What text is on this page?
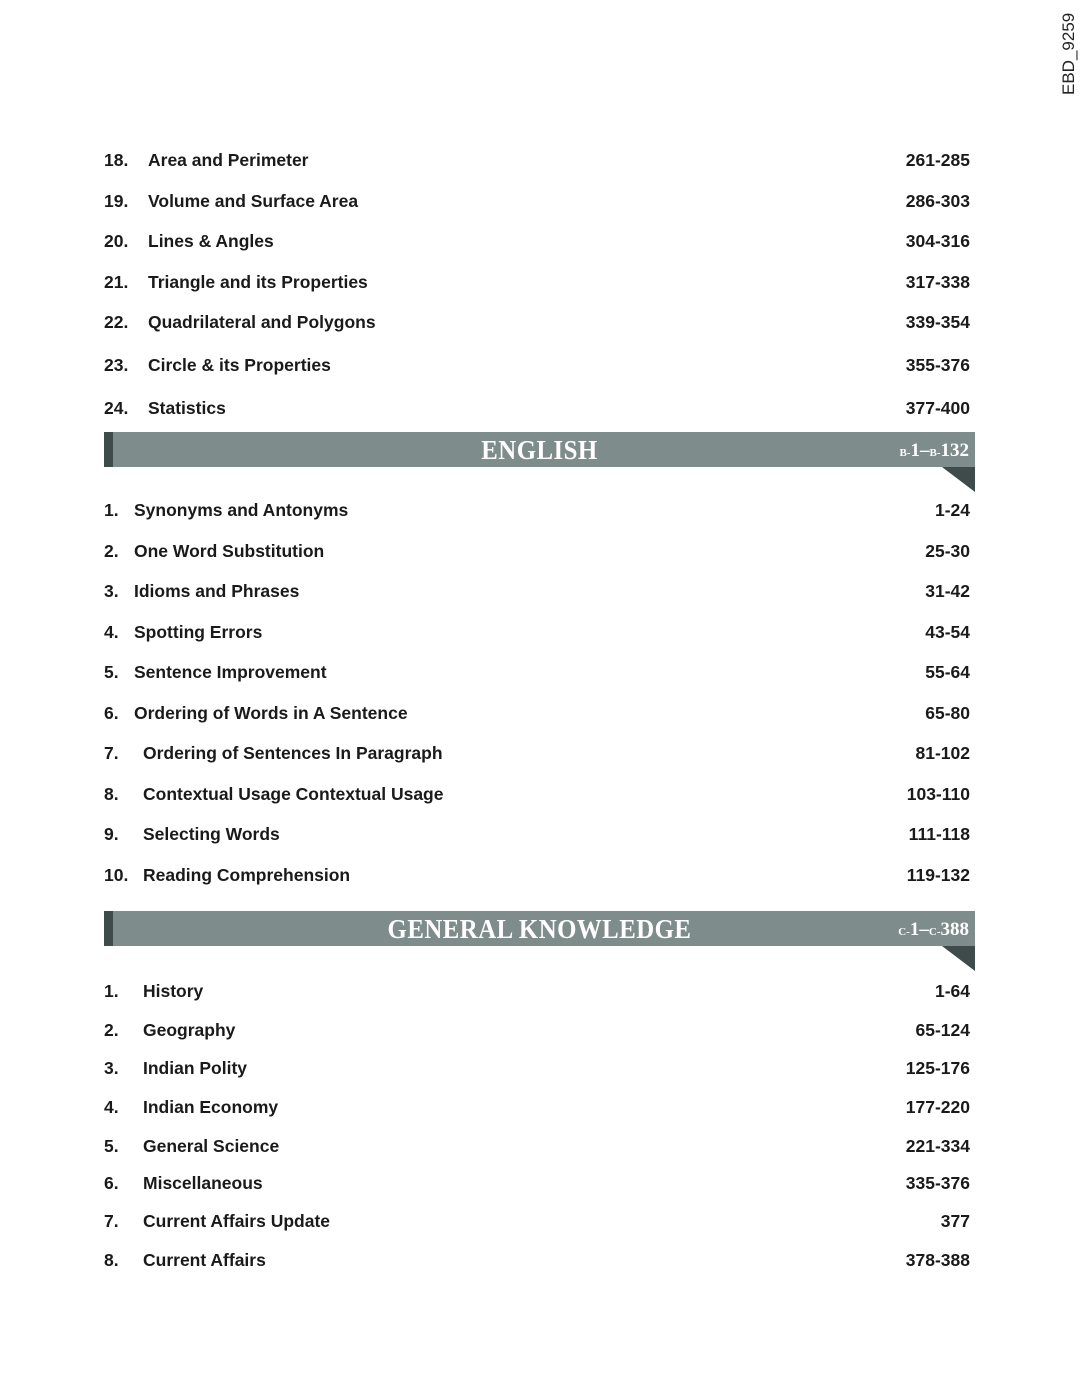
EBD_9259
18. Area and Perimeter	261-285
19. Volume and Surface Area	286-303
20. Lines & Angles	304-316
21. Triangle and its Properties	317-338
22. Quadrilateral and Polygons	339-354
23. Circle & its Properties	355-376
24. Statistics	377-400
ENGLISH	B-1–B-132
1. Synonyms and Antonyms	1-24
2. One Word Substitution	25-30
3. Idioms and Phrases	31-42
4. Spotting Errors	43-54
5. Sentence Improvement	55-64
6. Ordering of Words in A Sentence	65-80
7. Ordering of Sentences In Paragraph	81-102
8. Contextual Usage Contextual Usage	103-110
9. Selecting Words	111-118
10. Reading Comprehension	119-132
GENERAL KNOWLEDGE	C-1–C-388
1. History	1-64
2. Geography	65-124
3. Indian Polity	125-176
4. Indian Economy	177-220
5. General Science	221-334
6. Miscellaneous	335-376
7. Current Affairs Update	377
8. Current Affairs	378-388
